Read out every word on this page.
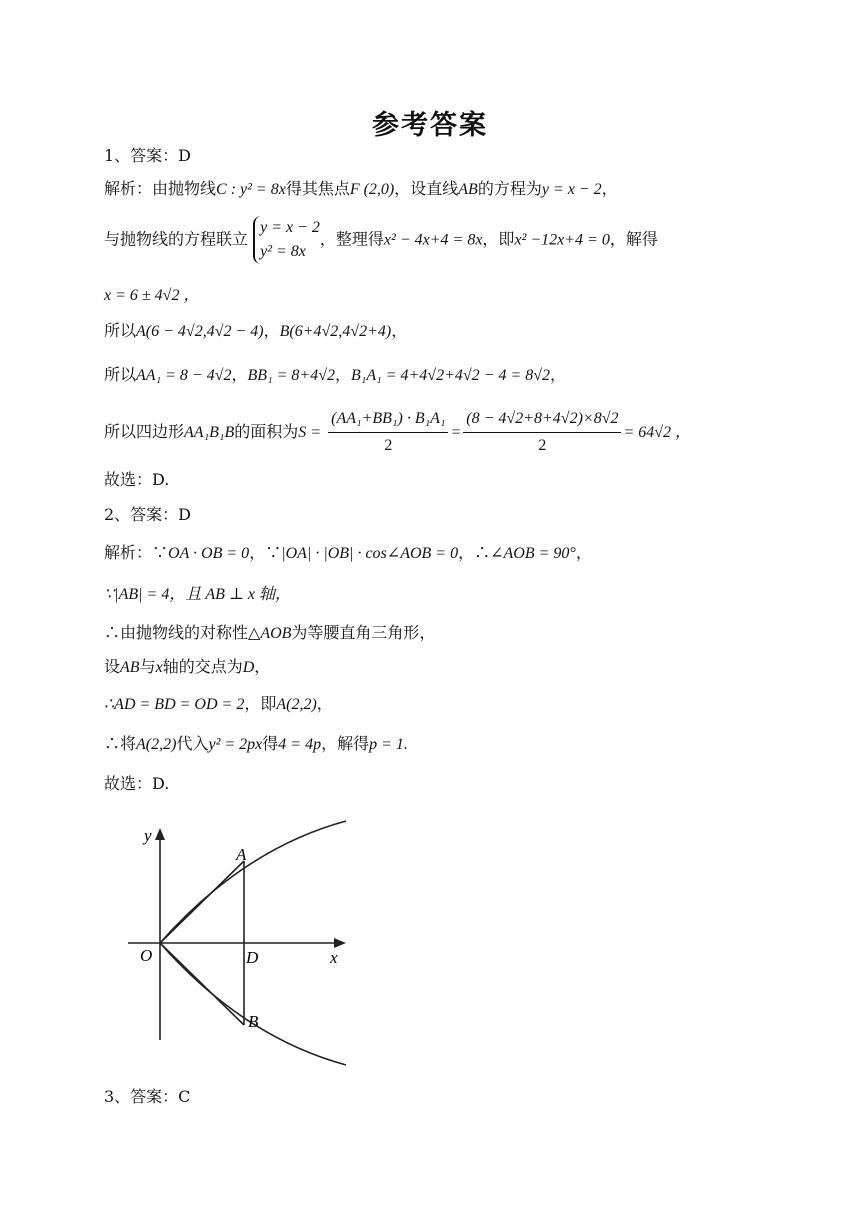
参考答案
1、答案：D
解析：由抛物线C : y² = 8x得其焦点F (2,0)，设直线AB的方程为y = x − 2，
与抛物线的方程联立
y = x − 2
y² = 8x
，整理得x² − 4x+4 = 8x，即x² −12x+4 = 0，解得
x = 6 ± 4√2 ，
所以A(6 − 4√2,4√2 − 4)，B(6+4√2,4√2+4)，
所以AA₁ = 8 − 4√2，BB₁ = 8+4√2，B₁A₁ = 4+4√2+4√2 − 4 = 8√2，
所以四边形AA₁B₁B的面积为$S = \frac{\text{(AA₁+BB₁) · B₁A₁}}{2} = \frac{(8 - 4√2+8+4√2)\times 8√2}{2} = 64√2$ ，
故选：D.
2、答案：D
解析：∵OA · OB = 0，∵|OA| · |OB| · cos∠AOB = 0，∴∠AOB = 90°，
∵|AB| = 4，且 AB ⊥ x 轴，
∴由抛物线的对称性△AOB为等腰直角三角形，
设AB与x轴的交点为D，
∴AD = BD = OD = 2，即A(2,2)，
∴将A(2,2)代入y² = 2px得4 = 4p，解得p = 1.
故选：D.
y
x
O
A
D
B
3、答案：C
